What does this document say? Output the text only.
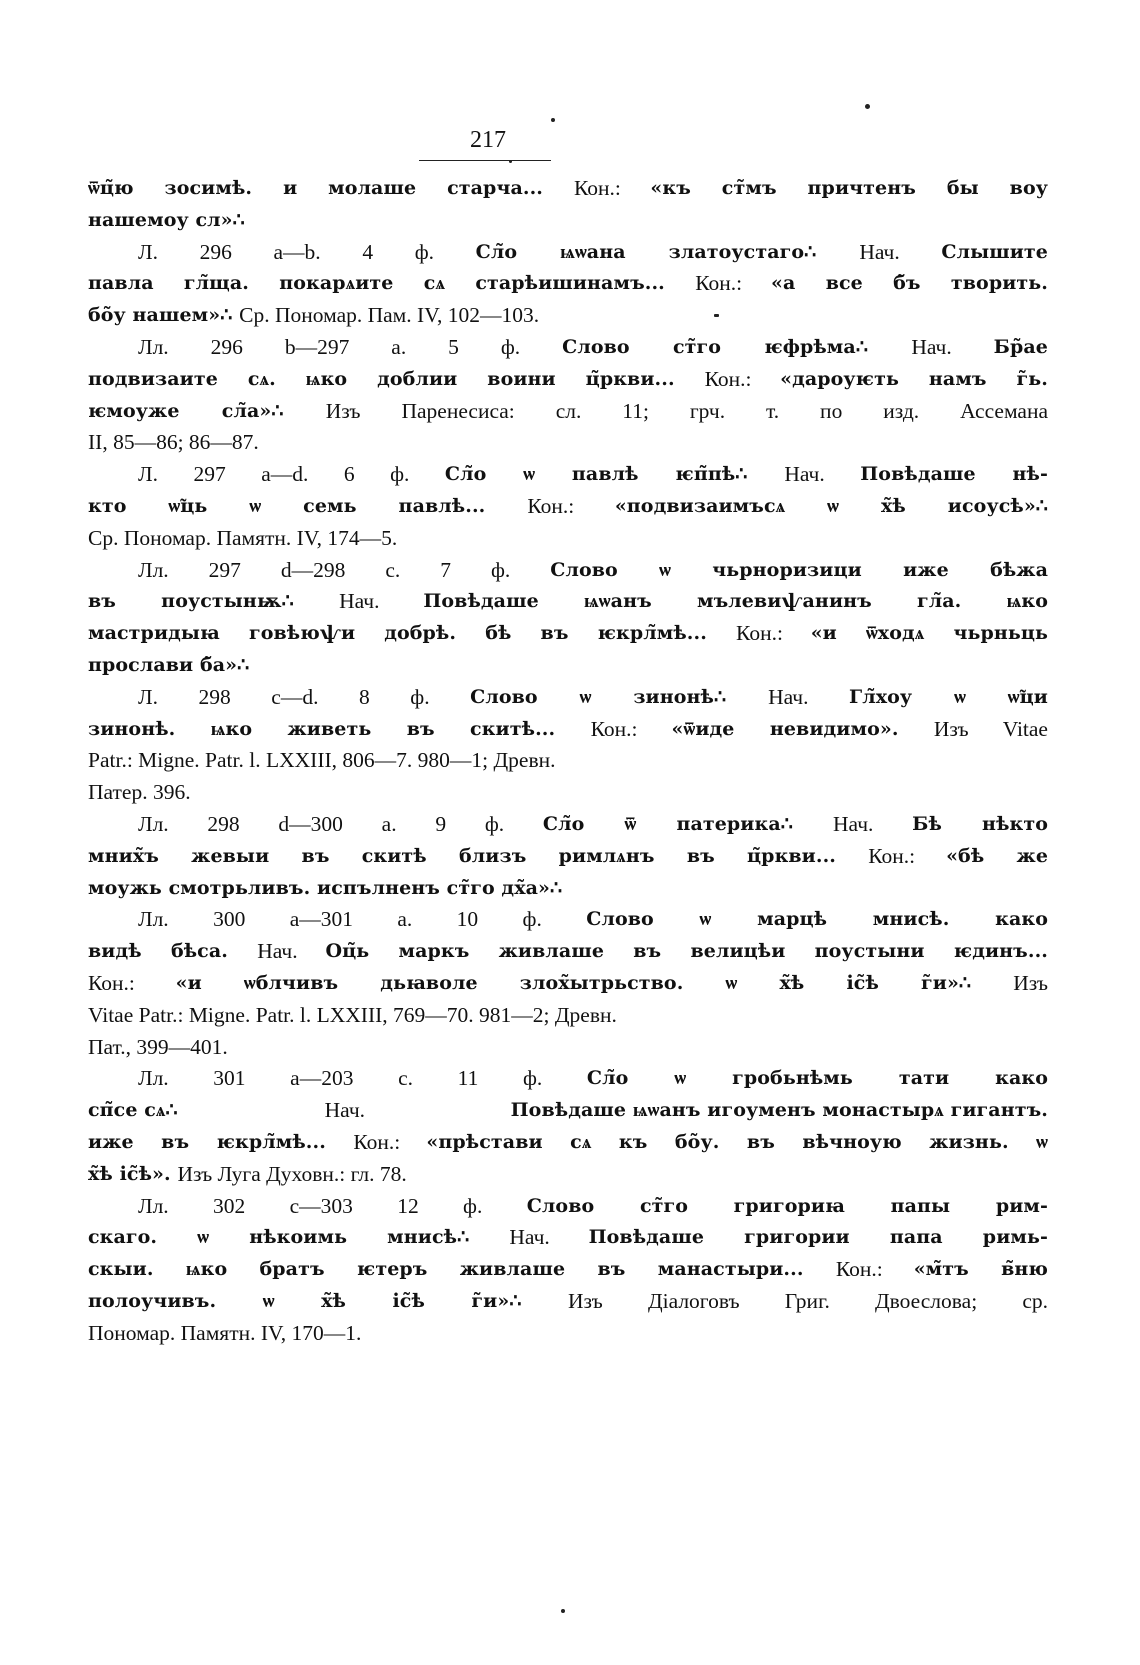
217
ѿц̃ю зосимѣ. и молаше старча... Кон.: «къ ст̃мъ причтенъ бы воу
нашемоу сл»∴
Л. 296 a—b. 4 ф. Сл̃о ѩѡана златоустаго∴ Нач. Слышите
павла гл̃ща. покарѧите сѧ старѣишинамъ... Кон.: «а все б̃ъ творить.
бо̃у нашем»∴ Ср. Пономар. Пам. IV, 102—103.
Лл. 296 b—297 a. 5 ф. Слово ст̃го ѥфрѣма∴ Нач. Бр̃ае
подвизаите сѧ. ѩко доблии воини ц̃ркви... Кон.: «дароуѥть намъ г̃ь.
ѥмоуже сл̃а»∴ Изъ Паренесиса: сл. 11; грч. т. по изд. Ассемана
II, 85—86; 86—87.
Л. 297 a—d. 6 ф. Сл̃о ѡ павлѣ ѥп̃пѣ∴ Нач. Повѣдаше нѣ-
кто ѡ̃ць ѡ семь павлѣ... Кон.: «подвизаимъсѧ ѡ х̃ѣ исоусѣ»∴
Ср. Пономар. Памятн. IV, 174—5.
Лл. 297 d—298 c. 7 ф. Слово ѡ чьрноризици иже бѣжа
въ поустынѭ∴ Нач. Повѣдаше ѩѡанъ мълевиѱанинъ гл̃а. ѩко
мастридыꙗ говѣюѱи добрѣ. бѣ въ ѥкрл̃мѣ... Кон.: «и ѿходѧ чьрньць
прослави б̃а»∴
Л. 298 c—d. 8 ф. Слово ѡ зинонѣ∴ Нач. Гл̃хоу ѡ ѡ̃ци
зинонѣ. ѩко живеть въ скитѣ... Кон.: «ѿиде невидимо». Изъ Vitae
Patr.: Migne. Patr. l. LXXIII, 806—7. 980—1; Древн.
Патер. 396.
Лл. 298 d—300 a. 9 ф. Сл̃о ѿ патерика∴ Нач. Бѣ нѣкто
мних̃ъ жевыи въ скитѣ близъ римлѧнъ въ ц̃ркви... Кон.: «бѣ же
моужь смотрьливъ. испълненъ ст̃го дх̃а»∴
Лл. 300 a—301 a. 10 ф. Слово ѡ марцѣ мнисѣ. како
видѣ бѣса. Нач. Оц̃ь маркъ живлаше въ велицѣи поустыни ѥдинъ...
Кон.: «и ѡблчивъ дьꙗволе злох̃ытрьство. ѡ х̃ѣ іс̃ѣ г̃и»∴ Изъ
Vitae Patr.: Migne. Patr. l. LXXIII, 769—70. 981—2; Древн.
Пат., 399—401.
Лл. 301 a—203 c. 11 ф. Сл̃о ѡ гробьнѣмь тати како
сп̃се сѧ∴	Нач.	Повѣдаше ѩѡанъ игоуменъ монастырѧ гигантъ.
иже въ ѥкрл̃мѣ... Кон.: «прѣстави сѧ къ бо̃у. въ вѣчноую жизнь. ѡ
х̃ѣ іс̃ѣ». Изъ Луга Духовн.: гл. 78.
Лл. 302 c—303 12 ф. Слово ст̃го григориꙗ папы рим-
скаго. ѡ нѣкоимь мнисѣ∴ Нач. Повѣдаше григории папа римь-
скыи. ѩко братъ ѥтеръ живлаше въ манастыри... Кон.: «м̃тъ в̃ню
полоучивъ. ѡ х̃ѣ іс̃ѣ г̃и»∴ Изъ Діалоговъ Григ. Двоеслова; ср.
Пономар. Памятн. IV, 170—1.
